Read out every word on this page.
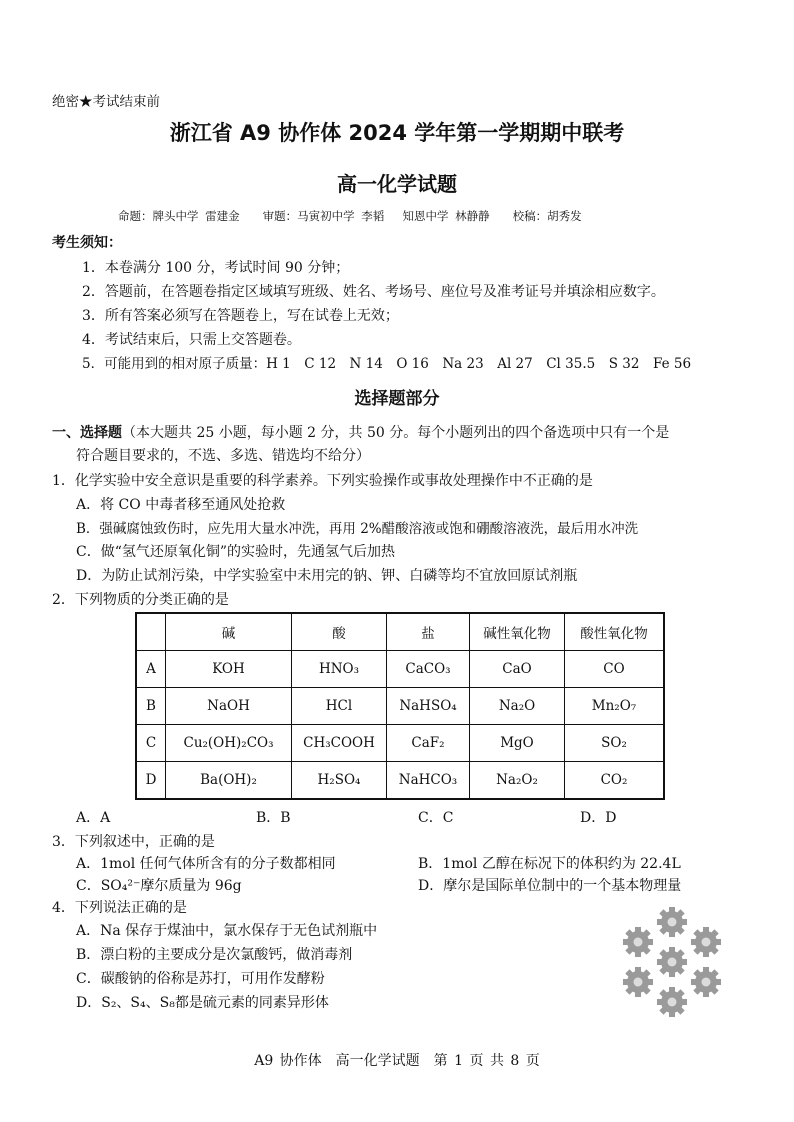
绝密★考试结束前
浙江省 A9 协作体 2024 学年第一学期期中联考
高一化学试题
命题：牌头中学 雷建金　　审题：马寅初中学 李韬　 知恩中学 林静静　　校稿：胡秀发
考生须知：
1．本卷满分 100 分，考试时间 90 分钟；
2．答题前，在答题卷指定区域填写班级、姓名、考场号、座位号及准考证号并填涂相应数字。
3．所有答案必须写在答题卷上，写在试卷上无效；
4．考试结束后，只需上交答题卷。
5．可能用到的相对原子质量：H 1　C 12　N 14　O 16　Na 23　Al 27　Cl 35.5　S 32　Fe 56
选择题部分
一、选择题（本大题共 25 小题，每小题 2 分，共 50 分。每个小题列出的四个备选项中只有一个是
符合题目要求的，不选、多选、错选均不给分）
1．化学实验中安全意识是重要的科学素养。下列实验操作或事故处理操作中不正确的是
A．将 CO 中毒者移至通风处抢救
B．强碱腐蚀致伤时，应先用大量水冲洗，再用 2%醋酸溶液或饱和硼酸溶液洗，最后用水冲洗
C．做“氢气还原氧化铜”的实验时，先通氢气后加热
D．为防止试剂污染，中学实验室中未用完的钠、钾、白磷等均不宜放回原试剂瓶
2．下列物质的分类正确的是
	碱	酸	盐	碱性氧化物	酸性氧化物
A	KOH	HNO₃	CaCO₃	CaO	CO
B	NaOH	HCl	NaHSO₄	Na₂O	Mn₂O₇
C	Cu₂(OH)₂CO₃	CH₃COOH	CaF₂	MgO	SO₂
D	Ba(OH)₂	H₂SO₄	NaHCO₃	Na₂O₂	CO₂
A．A	B．B	C．C	D．D
3．下列叙述中，正确的是
A．1mol 任何气体所含有的分子数都相同	B．1mol 乙醇在标况下的体积约为 22.4L
C．SO₄²⁻摩尔质量为 96g	D．摩尔是国际单位制中的一个基本物理量
4．下列说法正确的是
A．Na 保存于煤油中，氯水保存于无色试剂瓶中
B．漂白粉的主要成分是次氯酸钙，做消毒剂
C．碳酸钠的俗称是苏打，可用作发酵粉
D．S₂、S₄、S₈都是硫元素的同素异形体
A9 协作体　高一化学试题　第 1 页 共 8 页
